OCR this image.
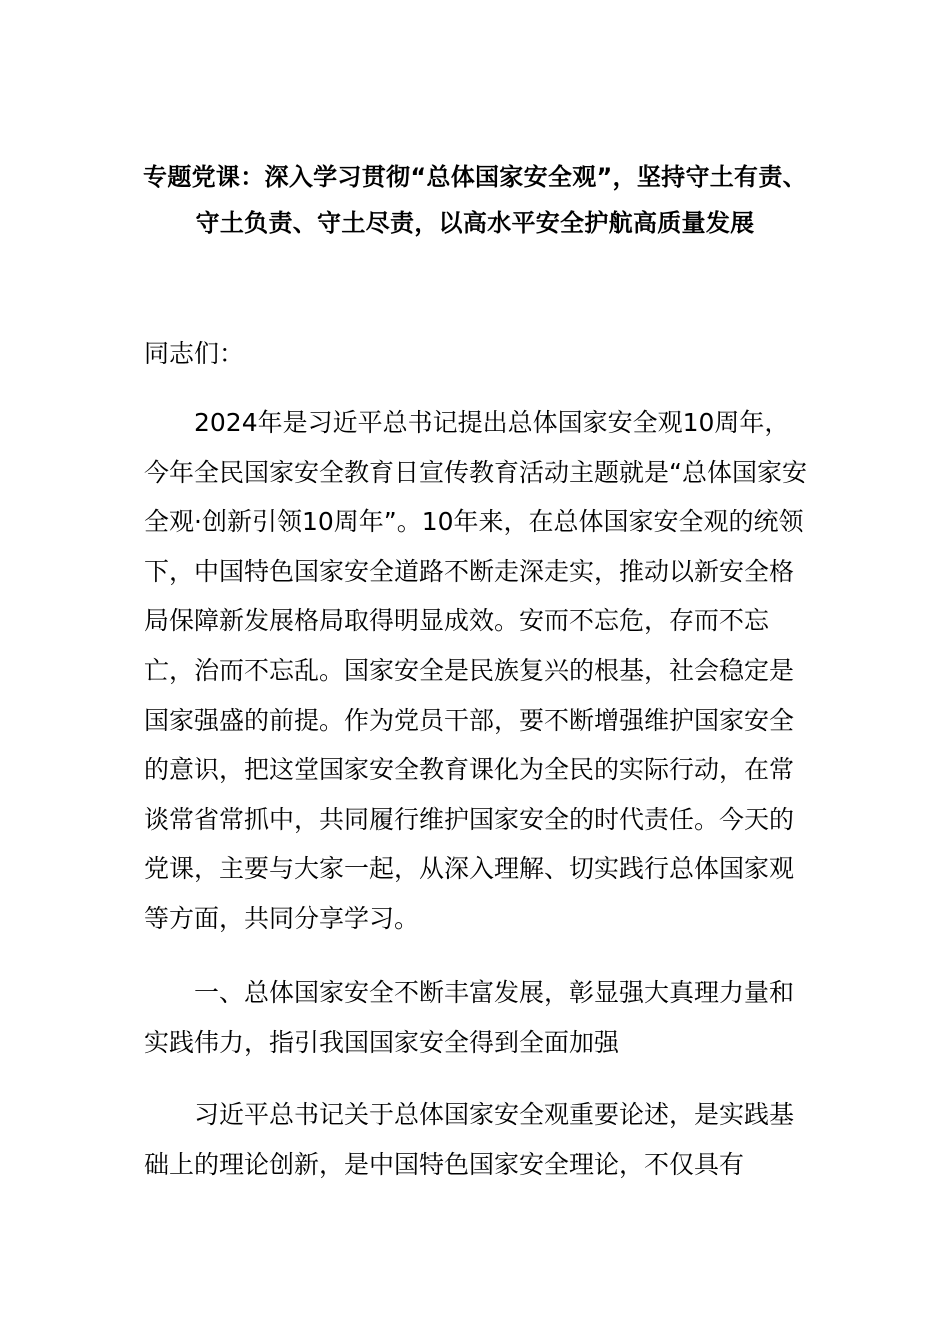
专题党课：深入学习贯彻“总体国家安全观”，坚持守土有责、守土负责、守土尽责，以高水平安全护航高质量发展
同志们：
2024年是习近平总书记提出总体国家安全观10周年，今年全民国家安全教育日宣传教育活动主题就是“总体国家安全观·创新引领10周年”。10年来，在总体国家安全观的统领下，中国特色国家安全道路不断走深走实，推动以新安全格局保障新发展格局取得明显成效。安而不忘危，存而不忘亡，治而不忘乱。国家安全是民族复兴的根基，社会稳定是国家强盛的前提。作为党员干部，要不断增强维护国家安全的意识，把这堂国家安全教育课化为全民的实际行动，在常谈常省常抓中，共同履行维护国家安全的时代责任。今天的党课，主要与大家一起，从深入理解、切实践行总体国家观等方面，共同分享学习。
一、总体国家安全不断丰富发展，彰显强大真理力量和实践伟力，指引我国国家安全得到全面加强
习近平总书记关于总体国家安全观重要论述，是实践基础上的理论创新，是中国特色国家安全理论，不仅具有
